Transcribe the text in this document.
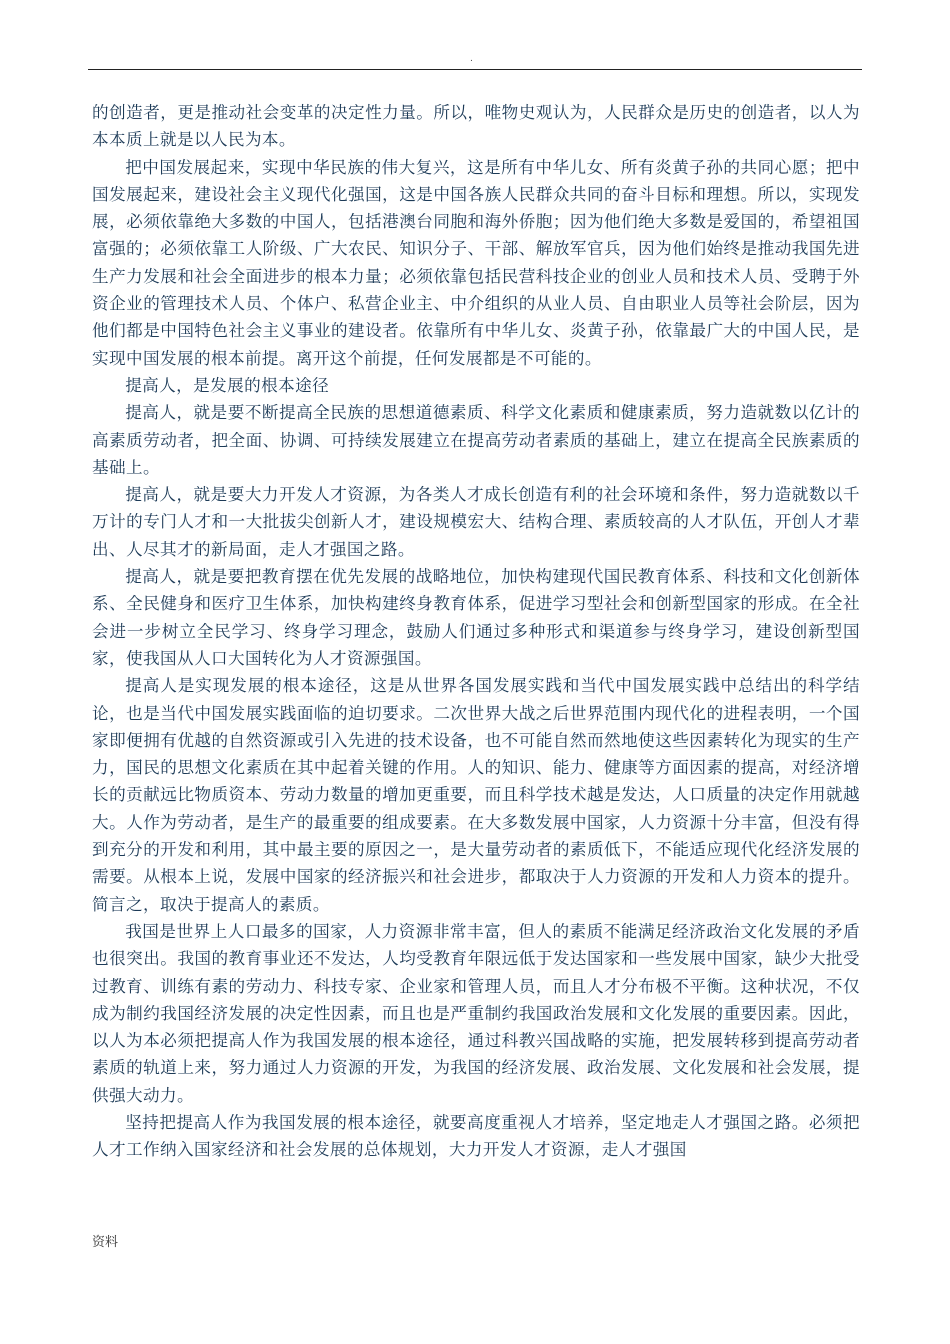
.

的创造者，更是推动社会变革的决定性力量。所以，唯物史观认为，人民群众是历史的创造者，以人为本本质上就是以人民为本。

把中国发展起来，实现中华民族的伟大复兴，这是所有中华儿女、所有炎黄子孙的共同心愿；把中国发展起来，建设社会主义现代化强国，这是中国各族人民群众共同的奋斗目标和理想。所以，实现发展，必须依靠绝大多数的中国人，包括港澳台同胞和海外侨胞；因为他们绝大多数是爱国的，希望祖国富强的；必须依靠工人阶级、广大农民、知识分子、干部、解放军官兵，因为他们始终是推动我国先进生产力发展和社会全面进步的根本力量；必须依靠包括民营科技企业的创业人员和技术人员、受聘于外资企业的管理技术人员、个体户、私营企业主、中介组织的从业人员、自由职业人员等社会阶层，因为他们都是中国特色社会主义事业的建设者。依靠所有中华儿女、炎黄子孙，依靠最广大的中国人民，是实现中国发展的根本前提。离开这个前提，任何发展都是不可能的。

提高人，是发展的根本途径

提高人，就是要不断提高全民族的思想道德素质、科学文化素质和健康素质，努力造就数以亿计的高素质劳动者，把全面、协调、可持续发展建立在提高劳动者素质的基础上，建立在提高全民族素质的基础上。

提高人，就是要大力开发人才资源，为各类人才成长创造有利的社会环境和条件，努力造就数以千万计的专门人才和一大批拔尖创新人才，建设规模宏大、结构合理、素质较高的人才队伍，开创人才辈出、人尽其才的新局面，走人才强国之路。

提高人，就是要把教育摆在优先发展的战略地位，加快构建现代国民教育体系、科技和文化创新体系、全民健身和医疗卫生体系，加快构建终身教育体系，促进学习型社会和创新型国家的形成。在全社会进一步树立全民学习、终身学习理念，鼓励人们通过多种形式和渠道参与终身学习，建设创新型国家，使我国从人口大国转化为人才资源强国。

提高人是实现发展的根本途径，这是从世界各国发展实践和当代中国发展实践中总结出的科学结论，也是当代中国发展实践面临的迫切要求。二次世界大战之后世界范围内现代化的进程表明，一个国家即便拥有优越的自然资源或引入先进的技术设备，也不可能自然而然地使这些因素转化为现实的生产力，国民的思想文化素质在其中起着关键的作用。人的知识、能力、健康等方面因素的提高，对经济增长的贡献远比物质资本、劳动力数量的增加更重要，而且科学技术越是发达，人口质量的决定作用就越大。人作为劳动者，是生产的最重要的组成要素。在大多数发展中国家，人力资源十分丰富，但没有得到充分的开发和利用，其中最主要的原因之一，是大量劳动者的素质低下，不能适应现代化经济发展的需要。从根本上说，发展中国家的经济振兴和社会进步，都取决于人力资源的开发和人力资本的提升。简言之，取决于提高人的素质。

我国是世界上人口最多的国家，人力资源非常丰富，但人的素质不能满足经济政治文化发展的矛盾也很突出。我国的教育事业还不发达，人均受教育年限远低于发达国家和一些发展中国家，缺少大批受过教育、训练有素的劳动力、科技专家、企业家和管理人员，而且人才分布极不平衡。这种状况，不仅成为制约我国经济发展的决定性因素，而且也是严重制约我国政治发展和文化发展的重要因素。因此，以人为本必须把提高人作为我国发展的根本途径，通过科教兴国战略的实施，把发展转移到提高劳动者素质的轨道上来，努力通过人力资源的开发，为我国的经济发展、政治发展、文化发展和社会发展，提供强大动力。

坚持把提高人作为我国发展的根本途径，就要高度重视人才培养，坚定地走人才强国之路。必须把人才工作纳入国家经济和社会发展的总体规划，大力开发人才资源，走人才强国

资料
